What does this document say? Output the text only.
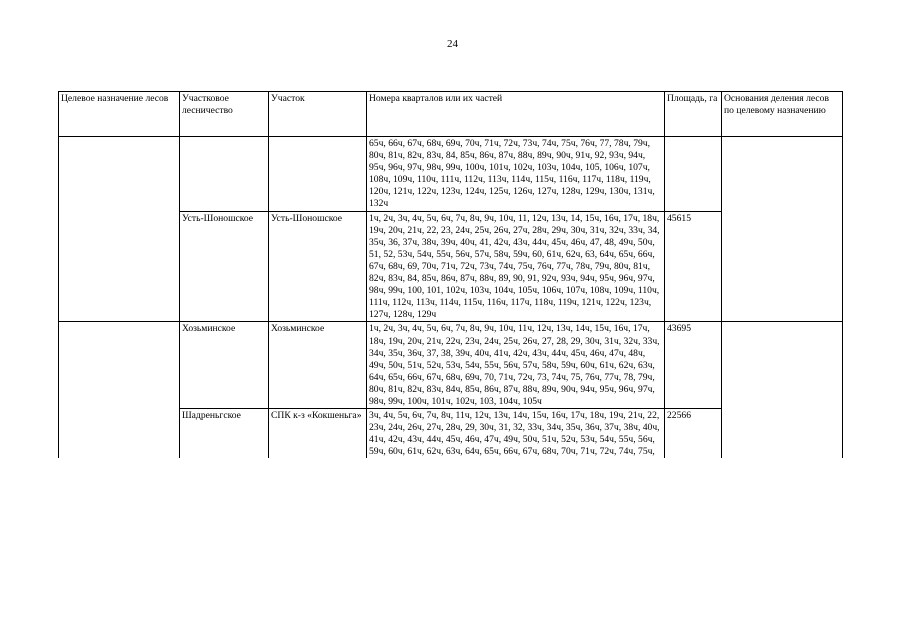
24
Целевое назначение лесов	Участковое лесничество	Участок	Номера кварталов или их частей	Площадь, га	Основания деления лесов по целевому назначению
			65ч, 66ч, 67ч, 68ч, 69ч, 70ч, 71ч, 72ч, 73ч, 74ч, 75ч, 76ч, 77, 78ч, 79ч, 80ч, 81ч, 82ч, 83ч, 84, 85ч, 86ч, 87ч, 88ч, 89ч, 90ч, 91ч, 92, 93ч, 94ч, 95ч, 96ч, 97ч, 98ч, 99ч, 100ч, 101ч, 102ч, 103ч, 104ч, 105, 106ч, 107ч, 108ч, 109ч, 110ч, 111ч, 112ч, 113ч, 114ч, 115ч, 116ч, 117ч, 118ч, 119ч, 120ч, 121ч, 122ч, 123ч, 124ч, 125ч, 126ч, 127ч, 128ч, 129ч, 130ч, 131ч, 132ч		
	Усть-Шоношское	Усть-Шоношское	1ч, 2ч, 3ч, 4ч, 5ч, 6ч, 7ч, 8ч, 9ч, 10ч, 11, 12ч, 13ч, 14, 15ч, 16ч, 17ч, 18ч, 19ч, 20ч, 21ч, 22, 23, 24ч, 25ч, 26ч, 27ч, 28ч, 29ч, 30ч, 31ч, 32ч, 33ч, 34, 35ч, 36, 37ч, 38ч, 39ч, 40ч, 41, 42ч, 43ч, 44ч, 45ч, 46ч, 47, 48, 49ч, 50ч, 51, 52, 53ч, 54ч, 55ч, 56ч, 57ч, 58ч, 59ч, 60, 61ч, 62ч, 63, 64ч, 65ч, 66ч, 67ч, 68ч, 69, 70ч, 71ч, 72ч, 73ч, 74ч, 75ч, 76ч, 77ч, 78ч, 79ч, 80ч, 81ч, 82ч, 83ч, 84, 85ч, 86ч, 87ч, 88ч, 89, 90, 91, 92ч, 93ч, 94ч, 95ч, 96ч, 97ч, 98ч, 99ч, 100, 101, 102ч, 103ч, 104ч, 105ч, 106ч, 107ч, 108ч, 109ч, 110ч, 111ч, 112ч, 113ч, 114ч, 115ч, 116ч, 117ч, 118ч, 119ч, 121ч, 122ч, 123ч, 127ч, 128ч, 129ч	45615	
	Хозьминское	Хозьминское	1ч, 2ч, 3ч, 4ч, 5ч, 6ч, 7ч, 8ч, 9ч, 10ч, 11ч, 12ч, 13ч, 14ч, 15ч, 16ч, 17ч, 18ч, 19ч, 20ч, 21ч, 22ч, 23ч, 24ч, 25ч, 26ч, 27, 28, 29, 30ч, 31ч, 32ч, 33ч, 34ч, 35ч, 36ч, 37, 38, 39ч, 40ч, 41ч, 42ч, 43ч, 44ч, 45ч, 46ч, 47ч, 48ч, 49ч, 50ч, 51ч, 52ч, 53ч, 54ч, 55ч, 56ч, 57ч, 58ч, 59ч, 60ч, 61ч, 62ч, 63ч, 64ч, 65ч, 66ч, 67ч, 68ч, 69ч, 70, 71ч, 72ч, 73, 74ч, 75, 76ч, 77ч, 78, 79ч, 80ч, 81ч, 82ч, 83ч, 84ч, 85ч, 86ч, 87ч, 88ч, 89ч, 90ч, 94ч, 95ч, 96ч, 97ч, 98ч, 99ч, 100ч, 101ч, 102ч, 103, 104ч, 105ч	43695	
	Шадреньгское	СПК к-з «Кокшеньга»	3ч, 4ч, 5ч, 6ч, 7ч, 8ч, 11ч, 12ч, 13ч, 14ч, 15ч, 16ч, 17ч, 18ч, 19ч, 21ч, 22, 23ч, 24ч, 26ч, 27ч, 28ч, 29, 30ч, 31, 32, 33ч, 34ч, 35ч, 36ч, 37ч, 38ч, 40ч, 41ч, 42ч, 43ч, 44ч, 45ч, 46ч, 47ч, 49ч, 50ч, 51ч, 52ч, 53ч, 54ч, 55ч, 56ч, 59ч, 60ч, 61ч, 62ч, 63ч, 64ч, 65ч, 66ч, 67ч, 68ч, 70ч, 71ч, 72ч, 74ч, 75ч,	22566	
